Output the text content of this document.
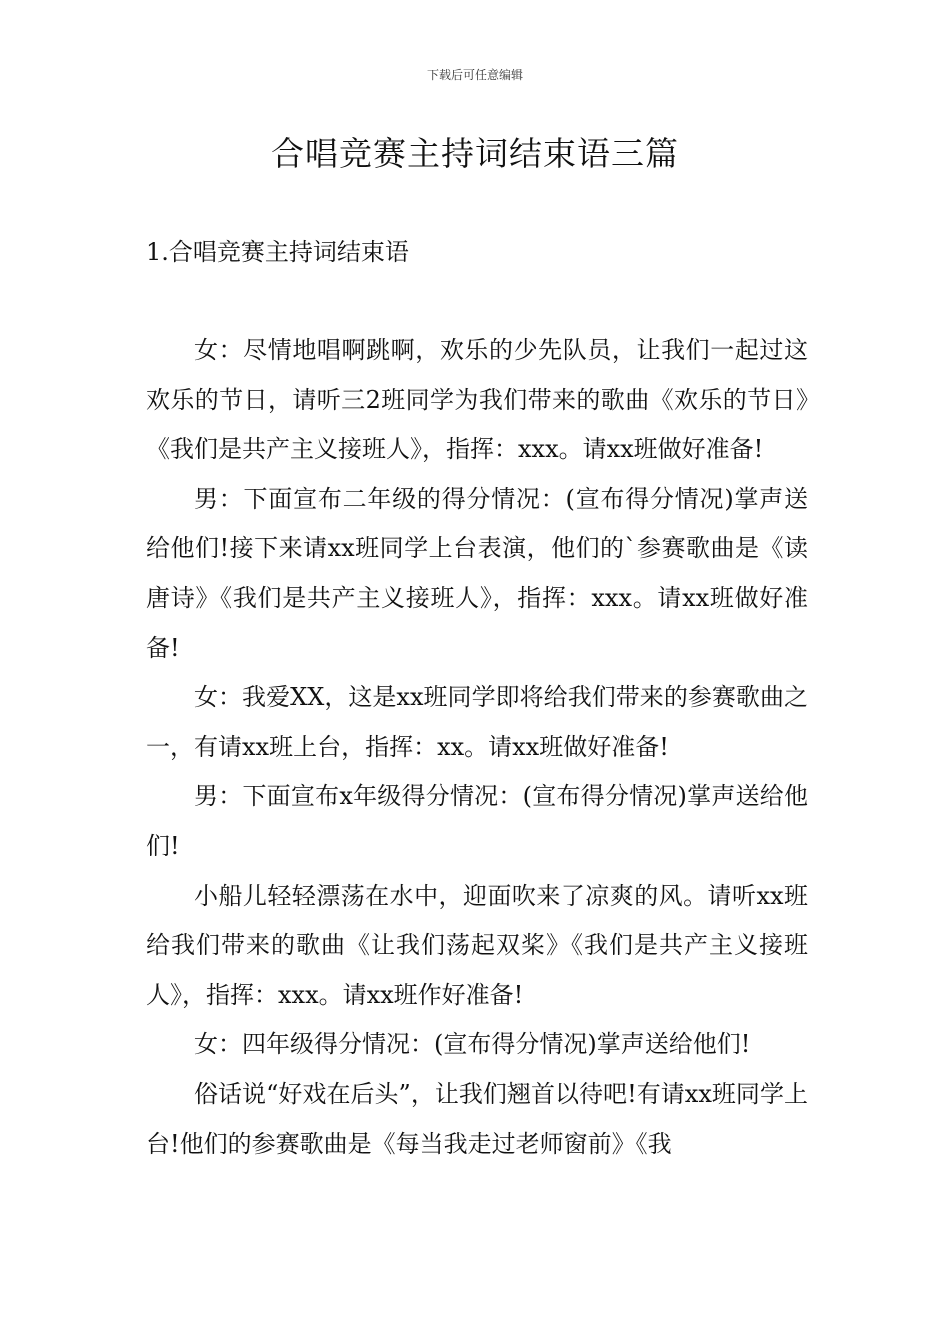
下载后可任意编辑
合唱竞赛主持词结束语三篇
1.合唱竞赛主持词结束语

女：尽情地唱啊跳啊，欢乐的少先队员，让我们一起过这欢乐的节日，请听三2班同学为我们带来的歌曲《欢乐的节日》《我们是共产主义接班人》，指挥：xxx。请xx班做好准备!

男：下面宣布二年级的得分情况：(宣布得分情况)掌声送给他们!接下来请xx班同学上台表演，他们的`参赛歌曲是《读唐诗》《我们是共产主义接班人》，指挥：xxx。请xx班做好准备!

女：我爱XX，这是xx班同学即将给我们带来的参赛歌曲之一，有请xx班上台，指挥：xx。请xx班做好准备!

男：下面宣布x年级得分情况：(宣布得分情况)掌声送给他们!

小船儿轻轻漂荡在水中，迎面吹来了凉爽的风。请听xx班给我们带来的歌曲《让我们荡起双桨》《我们是共产主义接班人》，指挥：xxx。请xx班作好准备!

女：四年级得分情况：(宣布得分情况)掌声送给他们!

俗话说“好戏在后头”，让我们翘首以待吧!有请xx班同学上台!他们的参赛歌曲是《每当我走过老师窗前》《我
